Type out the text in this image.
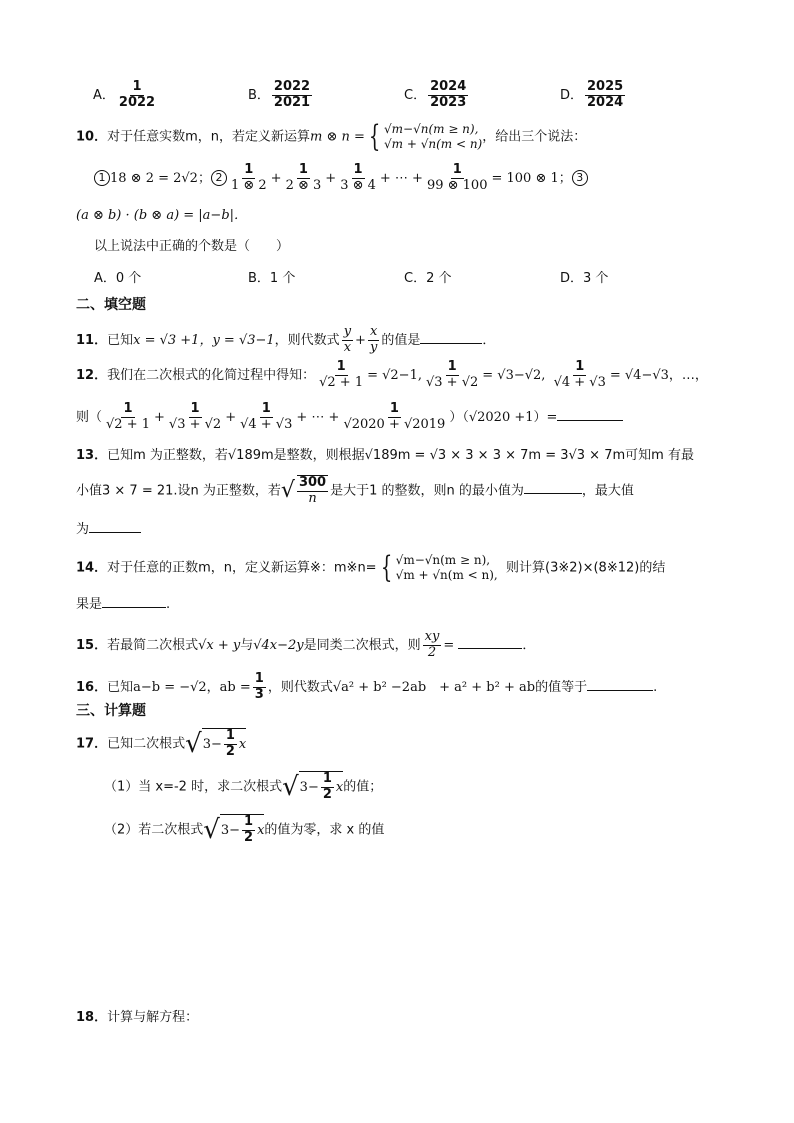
A． $\frac{1}{2022}$	B． $\frac{2022}{2021}$	C． $\frac{2024}{2023}$	D． $\frac{2025}{2024}$
10．对于任意实数m，n，若定义新运算m ⊗ n = { √m−√n(m ≥ n),
√m + √n(m < n) ，给出三个说法：
1 18 ⊗ 2 = 2√2； $2 \frac{1}{1 \otimes 2} + \frac{1}{2 \otimes 3} + \frac{1}{3 \otimes 4}$ + ⋯ + $\frac{1}{99 \otimes 100} = 100$ ⊗ 1； 3
(a ⊗ b) · (b ⊗ a) = |a−b|．
以上说法中正确的个数是（　　）
A．0 个	B．1 个	C．2 个	D．3 个
二、填空题
11．已知x = √3 +1，y = √3−1，则代数式 $\frac{y}{x} + \frac{x}{y}$ 的值是	．
12．我们在二次根式的化简过程中得知： $\frac{1}{√2 + 1} = √2-1$, $\frac{1}{√3 + √2} = √3-√2$, $\frac{1}{√4 + √3} = √4-√3$，…，
则（ $\frac{1}{√2 + 1} + \frac{1}{√3 + √2} + \frac{1}{√4 + √3}$ + ⋯ + $\frac{1}{√2020 + √2019} )(√2020 +1)=$
13．已知m 为正整数，若√189m是整数，则根据√189m = √3 × 3 × 3 × 7m = 3√3 × 7m可知m 有最
小值3 × 7 = 21.设n 为正整数，若√ $\frac{300}{n}$ 是大于1 的整数，则n 的最小值为	，最大值
为
14．对于任意的正数m，n，定义新运算※：m※n= { √m−√n(m ≥ n),
√m + √n(m < n), 则计算(3※2)×(8※12)的结
果是	.
15．若最简二次根式√x + y与√4x−2y是同类二次根式，则 $\frac{xy}{2}$ =	．
16．已知a−b = −√2，ab = $\frac{1}{3}$ ，则代数式√a² + b² −2ab　+ a² + b² + ab的值等于	.
三、计算题
17．已知二次根式 √ $3- \frac{1}{2}$ x
（1）当 x=-2 时，求二次根式 √ $3- \frac{1}{2}$ x 的值；
（2）若二次根式 √ $3- \frac{1}{2}$ x 的值为零，求 x 的值
18．计算与解方程：
